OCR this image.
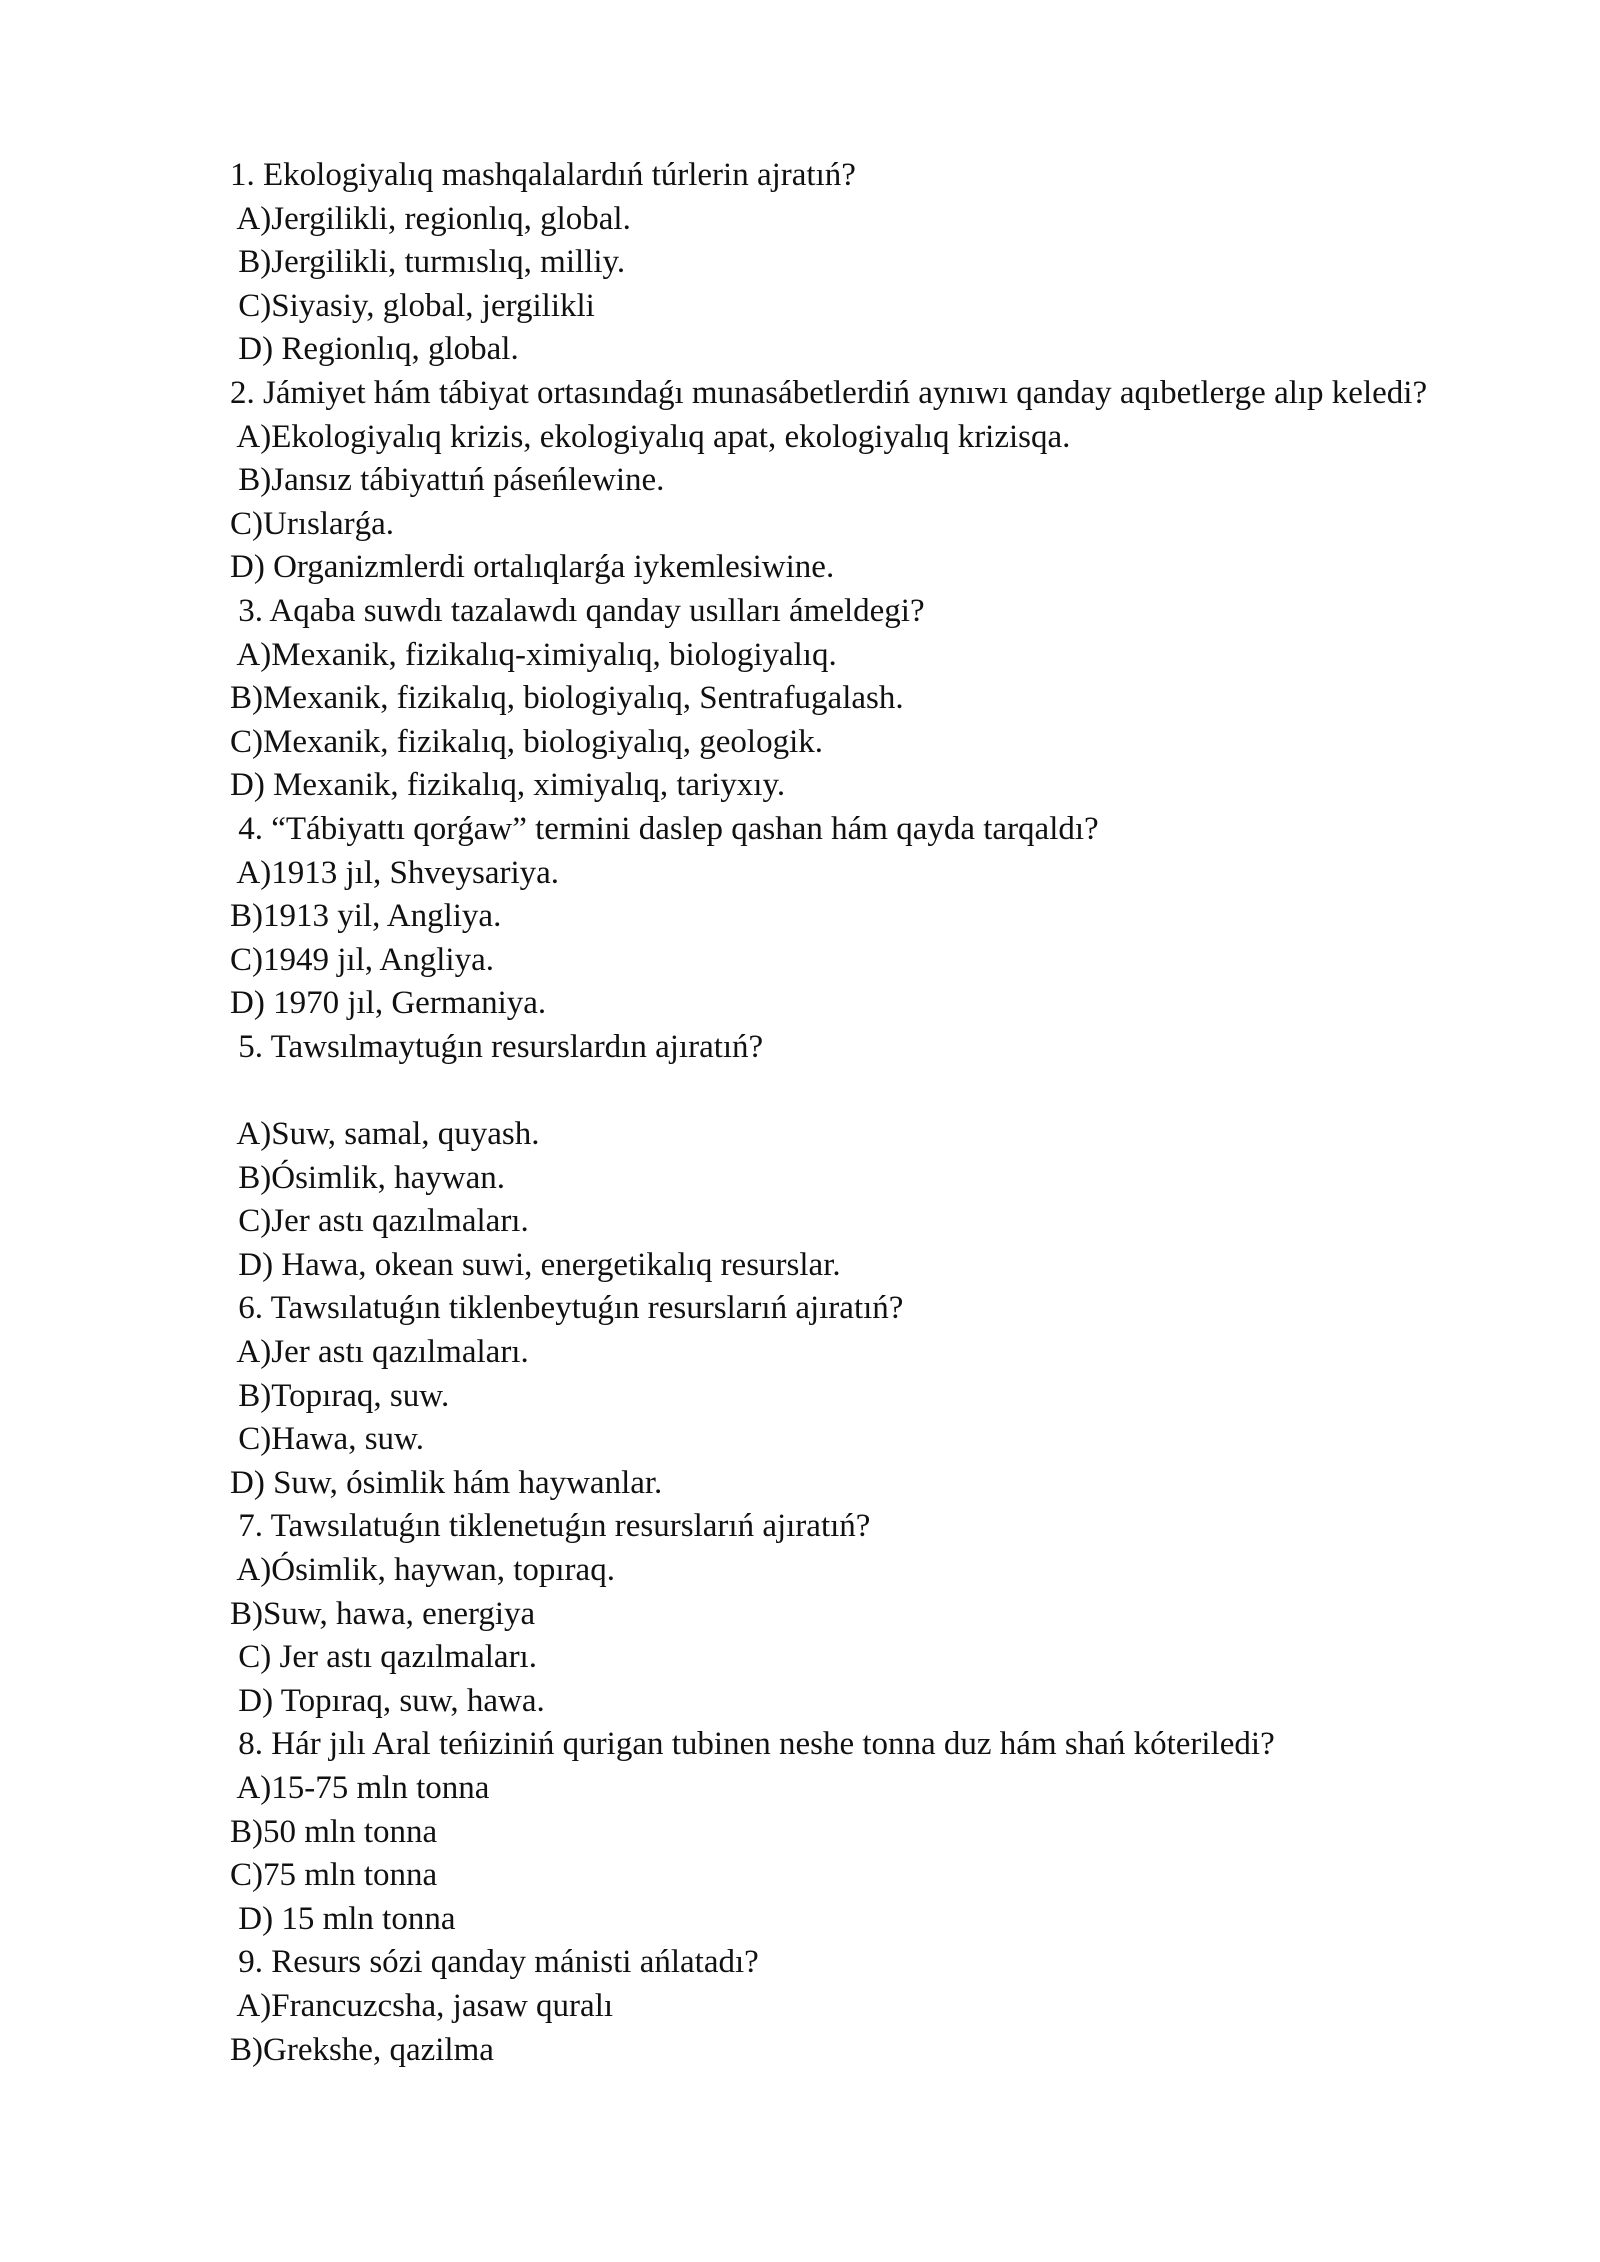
1. Ekologiyalıq mashqalalardıń túrlerin ajratıń?

A)Jergilikli, regionlıq, global.

B)Jergilikli, turmıslıq, milliy.

C)Siyasiy, global, jergilikli

D) Regionlıq, global.

2. Jámiyet hám tábiyat ortasındaǵı munasábetlerdiń aynıwı qanday aqıbetlerge alıp keledi?

A)Ekologiyalıq krizis, ekologiyalıq apat, ekologiyalıq krizisqa.

B)Jansız tábiyattıń páseńlewine.

C)Urıslarǵa.

D) Organizmlerdi ortalıqlarǵa iykemlesiwine.

3. Aqaba suwdı tazalawdı qanday usılları ámeldegi?

A)Mexanik, fizikalıq-ximiyalıq, biologiyalıq.

B)Mexanik, fizikalıq, biologiyalıq, Sentrafugalash.

C)Mexanik, fizikalıq, biologiyalıq, geologik.

D) Mexanik, fizikalıq, ximiyalıq, tariyxıy.

4. “Tábiyattı qorǵaw” termini daslep qashan hám qayda tarqaldı?

A)1913 jıl, Shveysariya.

B)1913 yil, Angliya.

C)1949 jıl, Angliya.

D) 1970 jıl, Germaniya.

5. Tawsılmaytuǵın resurslardın ajıratıń?

A)Suw, samal, quyash.

B)Ósimlik, haywan.

C)Jer astı qazılmaları.

D) Hawa, okean suwi, energetikalıq resurslar.

6. Tawsılatuǵın tiklenbeytuǵın resurslarıń ajıratıń?

A)Jer astı qazılmaları.

B)Topıraq, suw.

C)Hawa, suw.

D) Suw, ósimlik hám haywanlar.

7. Tawsılatuǵın tiklenetuǵın resurslarıń ajıratıń?

A)Ósimlik, haywan, topıraq.

B)Suw, hawa, energiya

C) Jer astı qazılmaları.

D) Topıraq, suw, hawa.

8. Hár jılı Aral teńiziniń qurigan tubinen neshe tonna duz hám shań kóteriledi?

A)15-75 mln tonna

B)50 mln tonna

C)75 mln tonna

D) 15 mln tonna

9. Resurs sózi qanday mánisti ańlatadı?

A)Francuzcsha, jasaw quralı

B)Grekshe, qazilma
